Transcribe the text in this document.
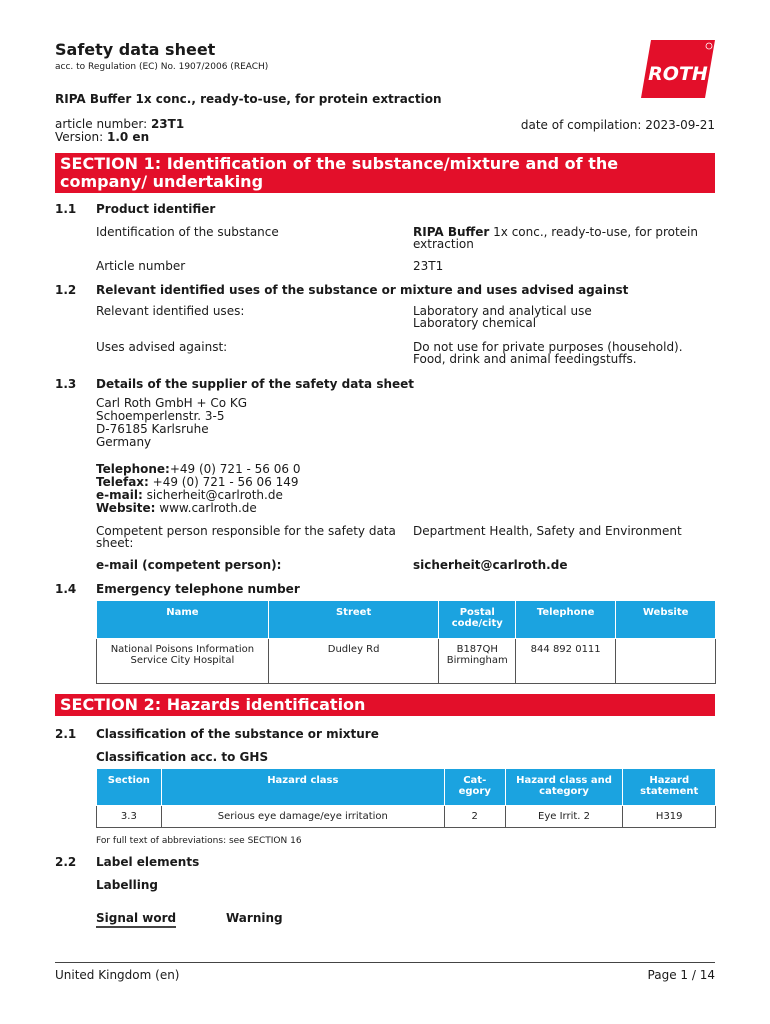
Safety data sheet
acc. to Regulation (EC) No. 1907/2006 (REACH)	ROTH
RIPA Buffer 1x conc., ready-to-use, for protein extraction
article number: 23T1
Version: 1.0 en
date of compilation: 2023-09-21
SECTION 1: Identification of the substance/mixture and of the company/ undertaking
1.1 Product identifier
Identification of the substance	RIPA Buffer 1x conc., ready-to-use, for protein extraction
Article number	23T1
1.2 Relevant identified uses of the substance or mixture and uses advised against
Relevant identified uses:	Laboratory and analytical use
Laboratory chemical
Uses advised against:	Do not use for private purposes (household).
Food, drink and animal feedingstuffs.
1.3 Details of the supplier of the safety data sheet
Carl Roth GmbH + Co KG
Schoemperlenstr. 3-5
D-76185 Karlsruhe
Germany
Telephone:+49 (0) 721 - 56 06 0
Telefax: +49 (0) 721 - 56 06 149
e-mail: sicherheit@carlroth.de
Website: www.carlroth.de
Competent person responsible for the safety data sheet:
Department Health, Safety and Environment
e-mail (competent person):	sicherheit@carlroth.de
1.4 Emergency telephone number
Name	Street	Postal code/city	Telephone	Website
National Poisons Information Service City Hospital	Dudley Rd	B187QH Birmingham	844 892 0111	
SECTION 2: Hazards identification
2.1 Classification of the substance or mixture
Classification acc. to GHS
Section	Hazard class	Cat-egory	Hazard class and category	Hazard statement
3.3	Serious eye damage/eye irritation	2	Eye Irrit. 2	H319
For full text of abbreviations: see SECTION 16
2.2 Label elements
Labelling
Signal word	Warning
United Kingdom (en)	Page 1 / 14
